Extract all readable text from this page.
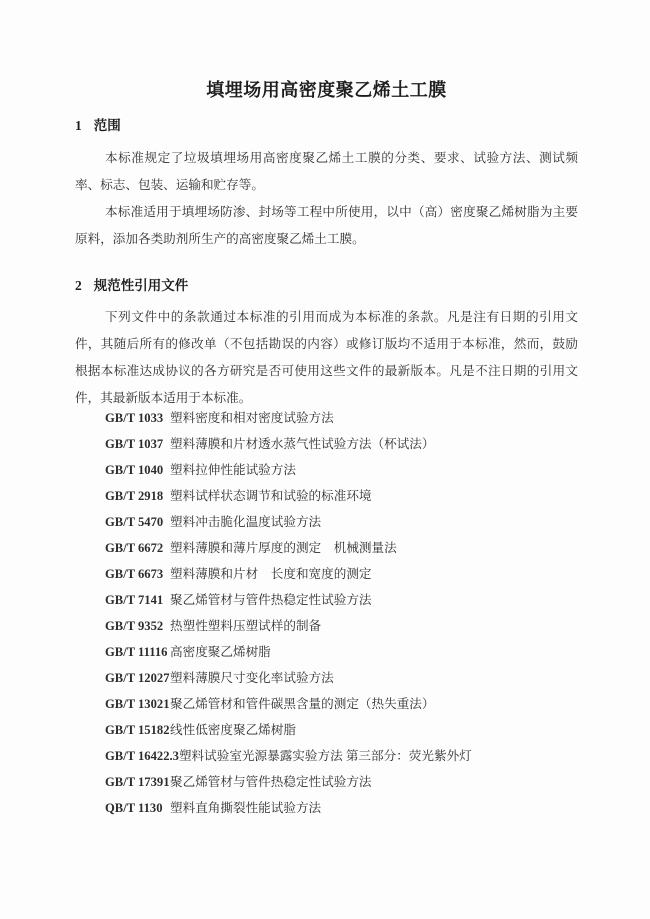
填埋场用高密度聚乙烯土工膜
1 范围

本标准规定了垃圾填埋场用高密度聚乙烯土工膜的分类、要求、试验方法、测试频率、标志、包装、运输和贮存等。

本标准适用于填埋场防渗、封场等工程中所使用，以中（高）密度聚乙烯树脂为主要原料，添加各类助剂所生产的高密度聚乙烯土工膜。

2 规范性引用文件

下列文件中的条款通过本标准的引用而成为本标准的条款。凡是注有日期的引用文件，其随后所有的修改单（不包括勘误的内容）或修订版均不适用于本标准，然而，鼓励根据本标准达成协议的各方研究是否可使用这些文件的最新版本。凡是不注日期的引用文件，其最新版本适用于本标准。

GB/T 1033 塑料密度和相对密度试验方法
GB/T 1037 塑料薄膜和片材透水蒸气性试验方法（杯试法）
GB/T 1040 塑料拉伸性能试验方法
GB/T 2918 塑料试样状态调节和试验的标准环境
GB/T 5470 塑料冲击脆化温度试验方法
GB/T 6672 塑料薄膜和薄片厚度的测定　机械测量法
GB/T 6673 塑料薄膜和片材　长度和宽度的测定
GB/T 7141 聚乙烯管材与管件热稳定性试验方法
GB/T 9352 热塑性塑料压塑试样的制备
GB/T 11116 高密度聚乙烯树脂
GB/T 12027 塑料薄膜尺寸变化率试验方法
GB/T 13021 聚乙烯管材和管件碳黑含量的测定（热失重法）
GB/T 15182 线性低密度聚乙烯树脂
GB/T 16422.3 塑料试验室光源暴露实验方法 第三部分：荧光紫外灯
GB/T 17391 聚乙烯管材与管件热稳定性试验方法
QB/T 1130 塑料直角撕裂性能试验方法
